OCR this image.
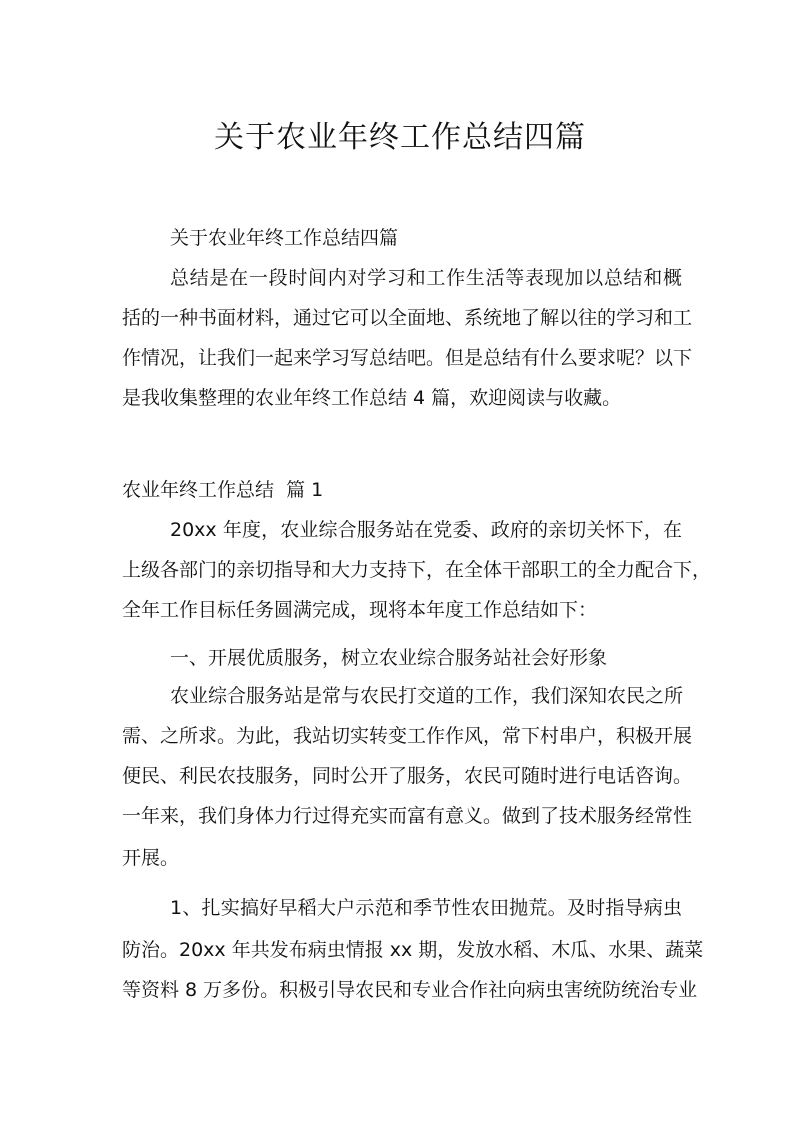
关于农业年终工作总结四篇
关于农业年终工作总结四篇
总结是在一段时间内对学习和工作生活等表现加以总结和概
括的一种书面材料，通过它可以全面地、系统地了解以往的学习和工
作情况，让我们一起来学习写总结吧。但是总结有什么要求呢？以下
是我收集整理的农业年终工作总结 4 篇，欢迎阅读与收藏。
农业年终工作总结  篇 1
20xx 年度，农业综合服务站在党委、政府的亲切关怀下，在
上级各部门的亲切指导和大力支持下，在全体干部职工的全力配合下，
全年工作目标任务圆满完成，现将本年度工作总结如下：
一、开展优质服务，树立农业综合服务站社会好形象
农业综合服务站是常与农民打交道的工作，我们深知农民之所
需、之所求。为此，我站切实转变工作作风，常下村串户，积极开展
便民、利民农技服务，同时公开了服务，农民可随时进行电话咨询。
一年来，我们身体力行过得充实而富有意义。做到了技术服务经常性
开展。
1、扎实搞好早稻大户示范和季节性农田抛荒。及时指导病虫
防治。20xx 年共发布病虫情报 xx 期，发放水稻、木瓜、水果、蔬菜
等资料 8 万多份。积极引导农民和专业合作社向病虫害统防统治专业
